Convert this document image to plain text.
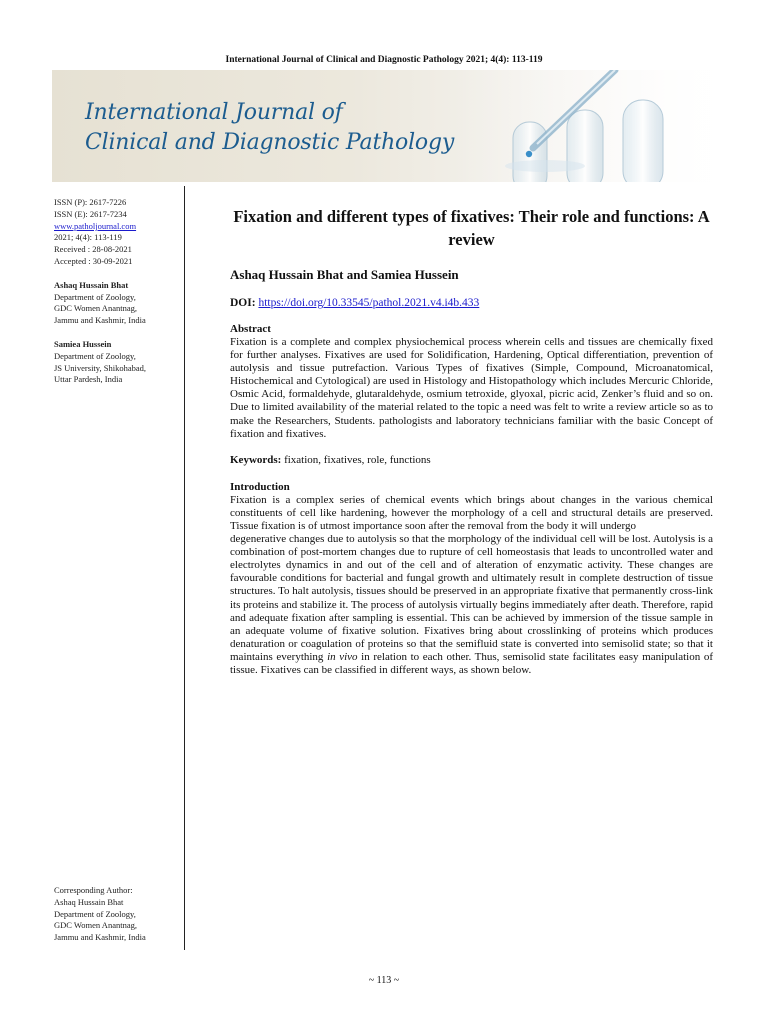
International Journal of Clinical and Diagnostic Pathology 2021; 4(4): 113-119
International Journal of
Clinical and Diagnostic Pathology
ISSN (P): 2617-7226
ISSN (E): 2617-7234
www.patholjournal.com
2021; 4(4): 113-119
Received : 28-08-2021
Accepted : 30-09-2021
Ashaq Hussain Bhat
Department of Zoology,
GDC Women Anantnag,
Jammu and Kashmir, India
Samiea Hussein
Department of Zoology,
JS University, Shikohabad,
Uttar Pardesh, India
Corresponding Author:
Ashaq Hussain Bhat
Department of Zoology,
GDC Women Anantnag,
Jammu and Kashmir, India
Fixation and different types of fixatives: Their role and functions: A review
Ashaq Hussain Bhat and Samiea Hussein
DOI: https://doi.org/10.33545/pathol.2021.v4.i4b.433
Abstract

Fixation is a complete and complex physiochemical process wherein cells and tissues are chemically fixed for further analyses. Fixatives are used for Solidification, Hardening, Optical differentiation, prevention of autolysis and tissue putrefaction. Various Types of fixatives (Simple, Compound, Microanatomical, Histochemical and Cytological) are used in Histology and Histopathology which includes Mercuric Chloride, Osmic Acid, formaldehyde, glutaraldehyde, osmium tetroxide, glyoxal, picric acid, Zenker’s fluid and so on. Due to limited availability of the material related to the topic a need was felt to write a review article so as to make the Researchers, Students. pathologists and laboratory technicians familiar with the basic Concept of fixation and fixatives.

Keywords: fixation, fixatives, role, functions
Introduction

Fixation is a complex series of chemical events which brings about changes in the various chemical constituents of cell like hardening, however the morphology of a cell and structural details are preserved. Tissue fixation is of utmost importance soon after the removal from the body it will undergo

degenerative changes due to autolysis so that the morphology of the individual cell will be lost. Autolysis is a combination of post-mortem changes due to rupture of cell homeostasis that leads to uncontrolled water and electrolytes dynamics in and out of the cell and of alteration of enzymatic activity. These changes are favourable conditions for bacterial and fungal growth and ultimately result in complete destruction of tissue structures. To halt autolysis, tissues should be preserved in an appropriate fixative that permanently cross-link its proteins and stabilize it. The process of autolysis virtually begins immediately after death. Therefore, rapid and adequate fixation after sampling is essential. This can be achieved by immersion of the tissue sample in an adequate volume of fixative solution. Fixatives bring about crosslinking of proteins which produces denaturation or coagulation of proteins so that the semifluid state is converted into semisolid state; so that it maintains everything in vivo in relation to each other. Thus, semisolid state facilitates easy manipulation of tissue. Fixatives can be classified in different ways, as shown below.

~ 113 ~
